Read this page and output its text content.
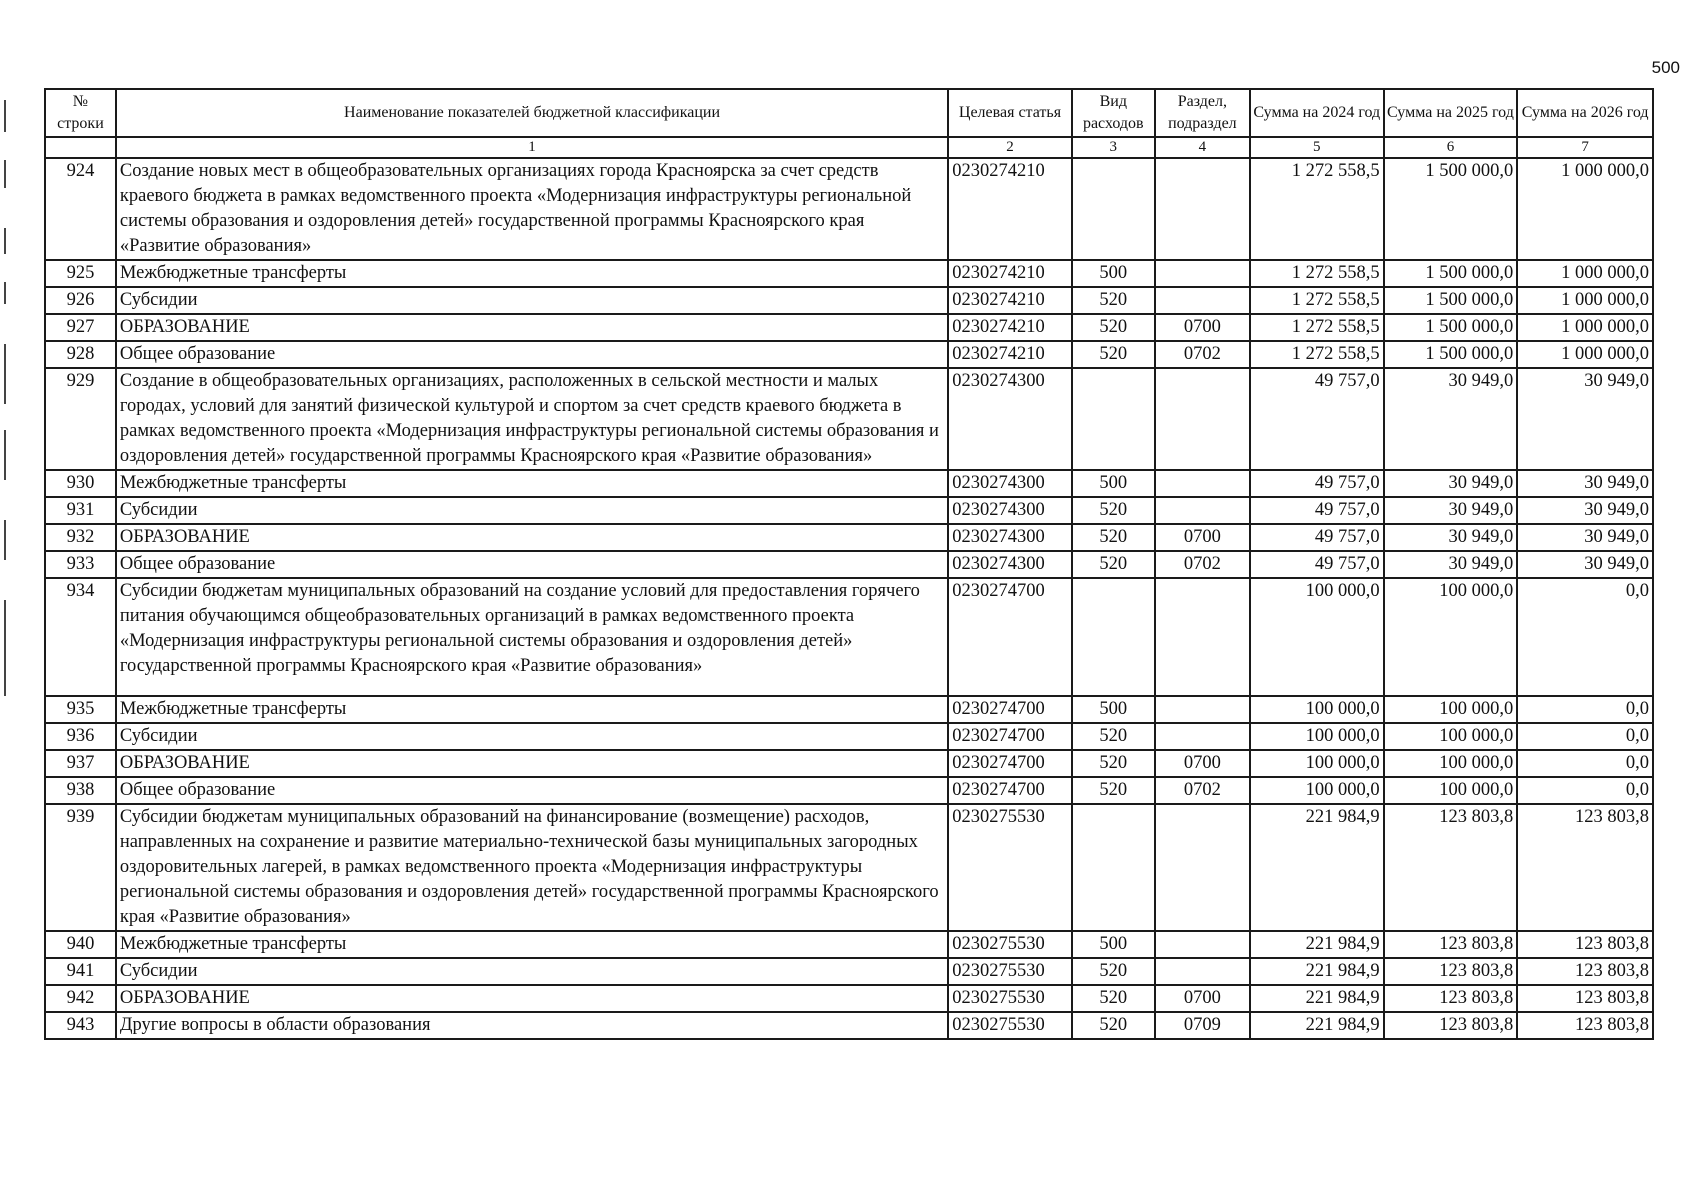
500
№ строки	Наименование показателей бюджетной классификации	Целевая статья	Вид расходов	Раздел, подраздел	Сумма на 2024 год	Сумма на 2025 год	Сумма на 2026 год
	1	2	3	4	5	6	7
924	Создание новых мест в общеобразовательных организациях города Красноярска за счет средств краевого бюджета в рамках ведомственного проекта «Модернизация инфраструктуры региональной системы образования и оздоровления детей» государственной программы Красноярского края «Развитие образования»	0230274210			1 272 558,5	1 500 000,0	1 000 000,0
925	Межбюджетные трансферты	0230274210	500		1 272 558,5	1 500 000,0	1 000 000,0
926	Субсидии	0230274210	520		1 272 558,5	1 500 000,0	1 000 000,0
927	ОБРАЗОВАНИЕ	0230274210	520	0700	1 272 558,5	1 500 000,0	1 000 000,0
928	Общее образование	0230274210	520	0702	1 272 558,5	1 500 000,0	1 000 000,0
929	Создание в общеобразовательных организациях, расположенных в сельской местности и малых городах, условий для занятий физической культурой и спортом за счет средств краевого бюджета в рамках ведомственного проекта «Модернизация инфраструктуры региональной системы образования и оздоровления детей» государственной программы Красноярского края «Развитие образования»	0230274300			49 757,0	30 949,0	30 949,0
930	Межбюджетные трансферты	0230274300	500		49 757,0	30 949,0	30 949,0
931	Субсидии	0230274300	520		49 757,0	30 949,0	30 949,0
932	ОБРАЗОВАНИЕ	0230274300	520	0700	49 757,0	30 949,0	30 949,0
933	Общее образование	0230274300	520	0702	49 757,0	30 949,0	30 949,0
934	Субсидии бюджетам муниципальных образований на создание условий для предоставления горячего питания обучающимся общеобразовательных организаций в рамках ведомственного проекта «Модернизация инфраструктуры региональной системы образования и оздоровления детей» государственной программы Красноярского края «Развитие образования»	0230274700			100 000,0	100 000,0	0,0
935	Межбюджетные трансферты	0230274700	500		100 000,0	100 000,0	0,0
936	Субсидии	0230274700	520		100 000,0	100 000,0	0,0
937	ОБРАЗОВАНИЕ	0230274700	520	0700	100 000,0	100 000,0	0,0
938	Общее образование	0230274700	520	0702	100 000,0	100 000,0	0,0
939	Субсидии бюджетам муниципальных образований на финансирование (возмещение) расходов, направленных на сохранение и развитие материально-технической базы муниципальных загородных оздоровительных лагерей, в рамках ведомственного проекта «Модернизация инфраструктуры региональной системы образования и оздоровления детей» государственной программы Красноярского края «Развитие образования»	0230275530			221 984,9	123 803,8	123 803,8
940	Межбюджетные трансферты	0230275530	500		221 984,9	123 803,8	123 803,8
941	Субсидии	0230275530	520		221 984,9	123 803,8	123 803,8
942	ОБРАЗОВАНИЕ	0230275530	520	0700	221 984,9	123 803,8	123 803,8
943	Другие вопросы в области образования	0230275530	520	0709	221 984,9	123 803,8	123 803,8
